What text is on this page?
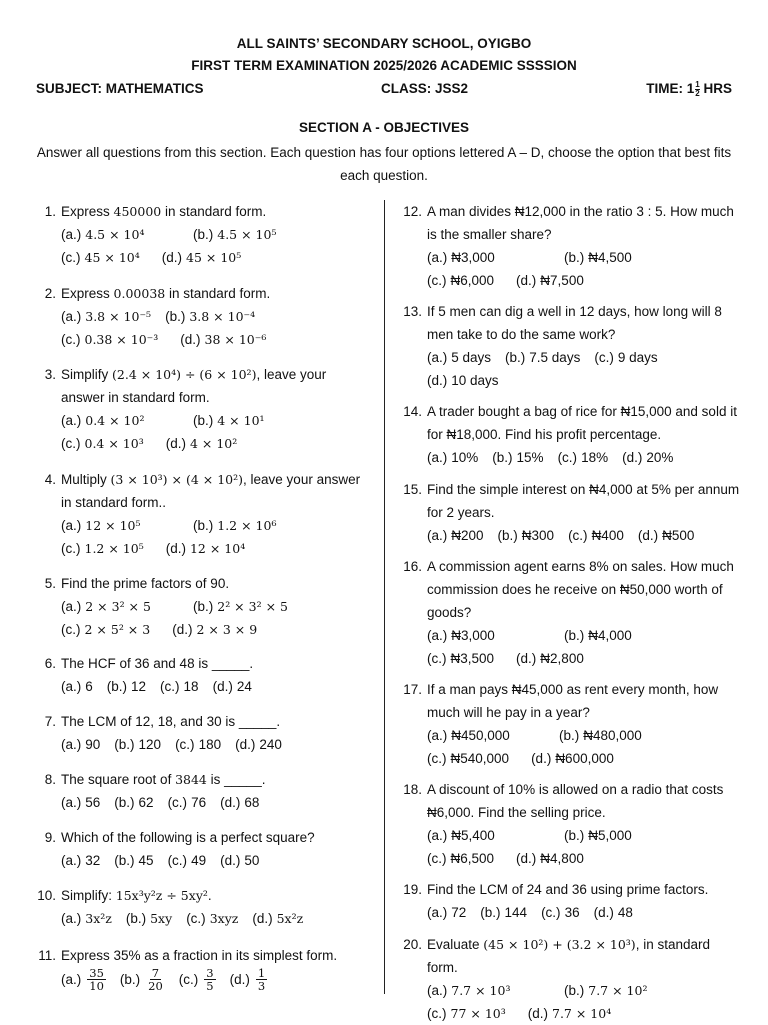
ALL SAINTS’ SECONDARY SCHOOL, OYIGBO
FIRST TERM EXAMINATION 2025/2026 ACADEMIC SSSSION
SUBJECT: MATHEMATICS	CLASS: JSS2	TIME: $1 \frac{1}{2}$ HRS
SECTION A - OBJECTIVES
Answer all questions from this section. Each question has four options lettered A – D, choose the option that best fits each question.
1. Express 450000 in standard form.
(a.) 4.5 × 10⁴	(b.) 4.5 × 10⁵
(c.) 45 × 10⁴ (d.) 45 × 10⁵
2. Express 0.00038 in standard form.
(a.) 3.8 × 10⁻⁵ (b.) 3.8 × 10⁻⁴
(c.) 0.38 × 10⁻³ (d.) 38 × 10⁻⁶
3. Simplify (2.4 × 10⁴) ÷ (6 × 10²), leave your answer in standard form.
(a.) 0.4 × 10²	(b.) 4 × 10¹
(c.) 0.4 × 10³ (d.) 4 × 10²
4. Multiply (3 × 10³) × (4 × 10²), leave your answer in standard form..
(a.) 12 × 10⁵	(b.) 1.2 × 10⁶
(c.) 1.2 × 10⁵ (d.) 12 × 10⁴
5. Find the prime factors of 90.
(a.) 2 × 3² × 5	(b.) 2² × 3² × 5
(c.) 2 × 5² × 3 (d.) 2 × 3 × 9
6. The HCF of 36 and 48 is _____.
(a.) 6 (b.) 12 (c.) 18 (d.) 24
7. The LCM of 12, 18, and 30 is _____.
(a.) 90 (b.) 120 (c.) 180 (d.) 240
8. The square root of 3844 is _____.
(a.) 56 (b.) 62 (c.) 76 (d.) 68
9. Which of the following is a perfect square?
(a.) 32 (b.) 45 (c.) 49 (d.) 50
10. Simplify: 15x³y²z ÷ 5xy².
(a.) 3x²z (b.) 5xy (c.) 3xyz (d.) 5x²z
11. Express 35% as a fraction in its simplest form.
$(a.) \frac{35}{10} (b.) \frac{7}{20} (c.) \frac{3}{5} (d.) \frac{1}{3}$
12. A man divides ₦12,000 in the ratio 3 : 5. How much is the smaller share?
(a.) ₦3,000	(b.) ₦4,500
(c.) ₦6,000 (d.) ₦7,500
13. If 5 men can dig a well in 12 days, how long will 8 men take to do the same work?
(a.) 5 days (b.) 7.5 days (c.) 9 days
(d.) 10 days
14. A trader bought a bag of rice for ₦15,000 and sold it for ₦18,000. Find his profit percentage.
(a.) 10% (b.) 15% (c.) 18% (d.) 20%
15. Find the simple interest on ₦4,000 at 5% per annum for 2 years.
(a.) ₦200 (b.) ₦300 (c.) ₦400 (d.) ₦500
16. A commission agent earns 8% on sales. How much commission does he receive on ₦50,000 worth of goods?
(a.) ₦3,000	(b.) ₦4,000
(c.) ₦3,500 (d.) ₦2,800
17. If a man pays ₦45,000 as rent every month, how much will he pay in a year?
(a.) ₦450,000	(b.) ₦480,000
(c.) ₦540,000 (d.) ₦600,000
18. A discount of 10% is allowed on a radio that costs ₦6,000. Find the selling price.
(a.) ₦5,400	(b.) ₦5,000
(c.) ₦6,500 (d.) ₦4,800
19. Find the LCM of 24 and 36 using prime factors.
(a.) 72 (b.) 144 (c.) 36 (d.) 48
20. Evaluate (45 × 10²) + (3.2 × 10³), in standard form.
(a.) 7.7 × 10³	(b.) 7.7 × 10²
(c.) 77 × 10³ (d.) 7.7 × 10⁴
